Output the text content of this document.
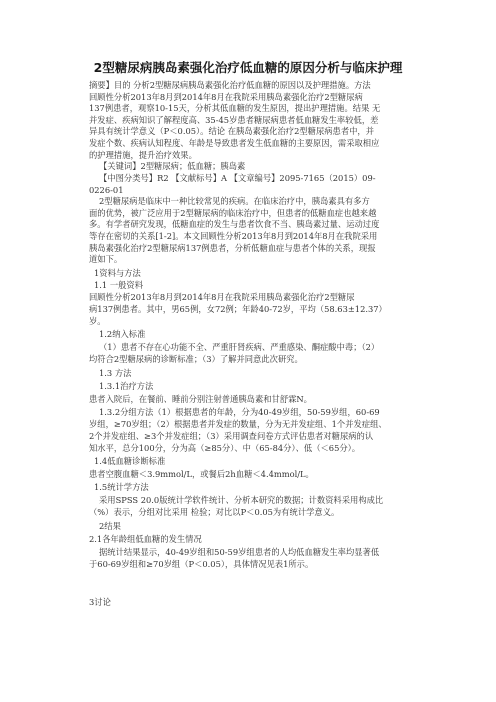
2型糖尿病胰岛素强化治疗低血糖的原因分析与临床护理
摘要】目的 分析2型糖尿病胰岛素强化治疗低血糖的原因以及护理措施。方法
回顾性分析2013年8月到2014年8月在我院采用胰岛素强化治疗2型糖尿病
137例患者，观察10-15天，分析其低血糖的发生原因，提出护理措施。结果 无
并发症、疾病知识了解程度高、35-45岁患者糖尿病患者低血糖发生率较低，差
异具有统计学意义（P＜0.05）。结论 在胰岛素强化治疗2型糖尿病患者中，并
发症个数、疾病认知程度、年龄是导致患者发生低血糖的主要原因，需采取相应
的护理措施，提升治疗效果。
【关键词】2型糖尿病；低血糖；胰岛素
【中图分类号】R2 【文献标号】A 【文章编号】2095-7165（2015）09-
0226-01
2型糖尿病是临床中一种比较常见的疾病。在临床治疗中，胰岛素具有多方
面的优势，被广泛应用于2型糖尿病的临床治疗中，但患者的低糖血症也越来越
多。有学者研究发现，低糖血症的发生与患者饮食不当、胰岛素过量、运动过度
等存在密切的关系[1-2]。本文回顾性分析2013年8月到2014年8月在我院采用
胰岛素强化治疗2型糖尿病137例患者，分析低糖血症与患者个体的关系，现报
道如下。
1资料与方法
1.1 一般资料
回顾性分析2013年8月到2014年8月在我院采用胰岛素强化治疗2型糖尿
病137例患者。其中，男65例，女72例；年龄40-72岁，平均（58.63±12.37）
岁。
1.2纳入标准
（1）患者不存在心功能不全、严重肝肾疾病、严重感染、酮症酸中毒；（2）
均符合2型糖尿病的诊断标准；（3）了解并同意此次研究。
1.3 方法
1.3.1治疗方法
患者入院后，在餐前、睡前分别注射普通胰岛素和甘舒霖N。
1.3.2分组方法（1）根据患者的年龄，分为40-49岁组，50-59岁组，60-69
岁组，≥70岁组；（2）根据患者并发症的数量，分为无并发症组、1个并发症组、
2个并发症组、≥3个并发症组；（3）采用调查问卷方式评估患者对糖尿病的认
知水平，总分100分，分为高（≥85分）、中（65-84分）、低（＜65分）。
1.4低血糖诊断标准
患者空腹血糖＜3.9mmol/L，或餐后2h血糖＜4.4mmol/L。
1.5统计学方法
采用SPSS 20.0版统计学软件统计、分析本研究的数据；计数资料采用构成比
（%）表示，分组对比采用 检验；对比以P＜0.05为有统计学意义。
2结果
2.1各年龄组低血糖的发生情况
据统计结果显示，40-49岁组和50-59岁组患者的人均低血糖发生率均显著低
于60-69岁组和≥70岁组（P＜0.05），具体情况见表1所示。
3讨论
